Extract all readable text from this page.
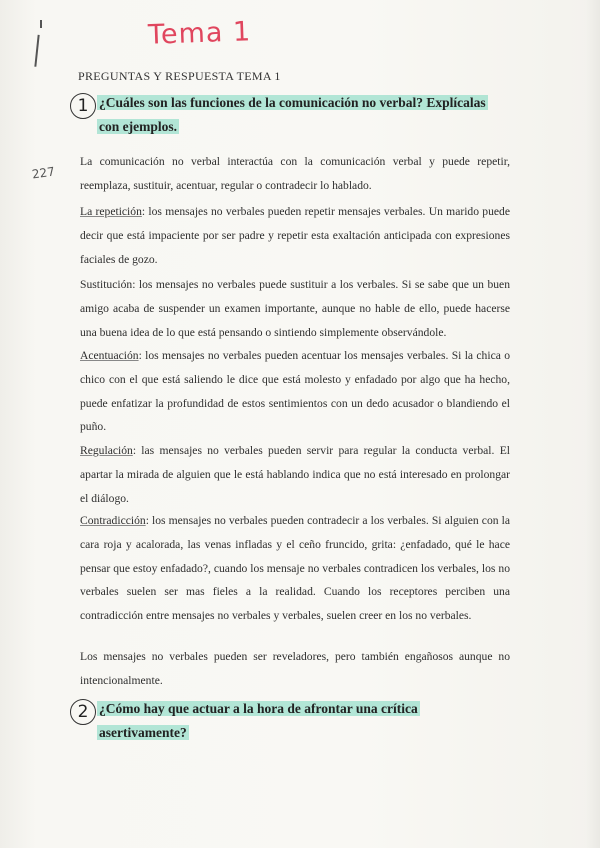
Tema 1
PREGUNTAS Y RESPUESTA TEMA 1
1 ¿Cuáles son las funciones de la comunicación no verbal? Explícalas
con ejemplos.
227
La comunicación no verbal interactúa con la comunicación verbal y puede repetir, reemplaza, sustituir, acentuar, regular o contradecir lo hablado.
La repetición: los mensajes no verbales pueden repetir mensajes verbales. Un marido puede decir que está impaciente por ser padre y repetir esta exaltación anticipada con expresiones faciales de gozo.
Sustitución: los mensajes no verbales puede sustituir a los verbales. Si se sabe que un buen amigo acaba de suspender un examen importante, aunque no hable de ello, puede hacerse una buena idea de lo que está pensando o sintiendo simplemente observándole.
Acentuación: los mensajes no verbales pueden acentuar los mensajes verbales. Si la chica o chico con el que está saliendo le dice que está molesto y enfadado por algo que ha hecho, puede enfatizar la profundidad de estos sentimientos con un dedo acusador o blandiendo el puño.
Regulación: las mensajes no verbales pueden servir para regular la conducta verbal. El apartar la mirada de alguien que le está hablando indica que no está interesado en prolongar el diálogo.
Contradicción: los mensajes no verbales pueden contradecir a los verbales. Si alguien con la cara roja y acalorada, las venas infladas y el ceño fruncido, grita: ¿enfadado, qué le hace pensar que estoy enfadado?, cuando los mensaje no verbales contradicen los verbales, los no verbales suelen ser mas fieles a la realidad. Cuando los receptores perciben una contradicción entre mensajes no verbales y verbales, suelen creer en los no verbales.
Los mensajes no verbales pueden ser reveladores, pero también engañosos aunque no intencionalmente.
2 ¿Cómo hay que actuar a la hora de afrontar una crítica
asertivamente?
